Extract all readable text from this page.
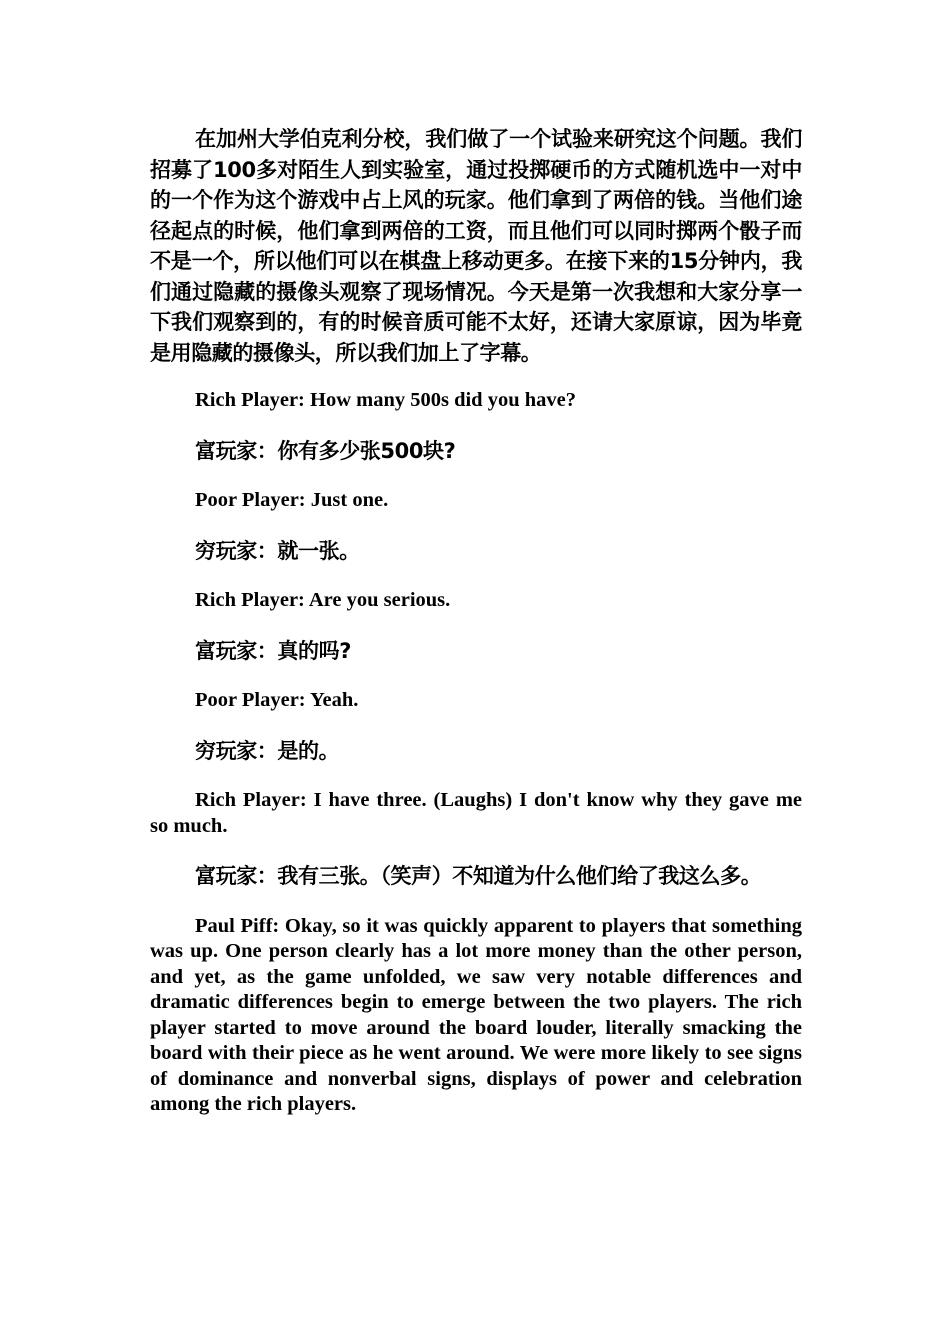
在加州大学伯克利分校，我们做了一个试验来研究这个问题。我们招募了100多对陌生人到实验室，通过投掷硬币的方式随机选中一对中的一个作为这个游戏中占上风的玩家。他们拿到了两倍的钱。当他们途径起点的时候，他们拿到两倍的工资，而且他们可以同时掷两个骰子而不是一个，所以他们可以在棋盘上移动更多。在接下来的15分钟内，我们通过隐藏的摄像头观察了现场情况。今天是第一次我想和大家分享一下我们观察到的，有的时候音质可能不太好，还请大家原谅，因为毕竟是用隐藏的摄像头，所以我们加上了字幕。

Rich Player: How many 500s did you have?

富玩家：你有多少张500块?

Poor Player: Just one.

穷玩家：就一张。

Rich Player: Are you serious.

富玩家：真的吗?

Poor Player: Yeah.

穷玩家：是的。

Rich Player: I have three. (Laughs) I don't know why they gave me so much.

富玩家：我有三张。（笑声）不知道为什么他们给了我这么多。

Paul Piff: Okay, so it was quickly apparent to players that something was up. One person clearly has a lot more money than the other person, and yet, as the game unfolded, we saw very notable differences and dramatic differences begin to emerge between the two players. The rich player started to move around the board louder, literally smacking the board with their piece as he went around. We were more likely to see signs of dominance and nonverbal signs, displays of power and celebration among the rich players.
